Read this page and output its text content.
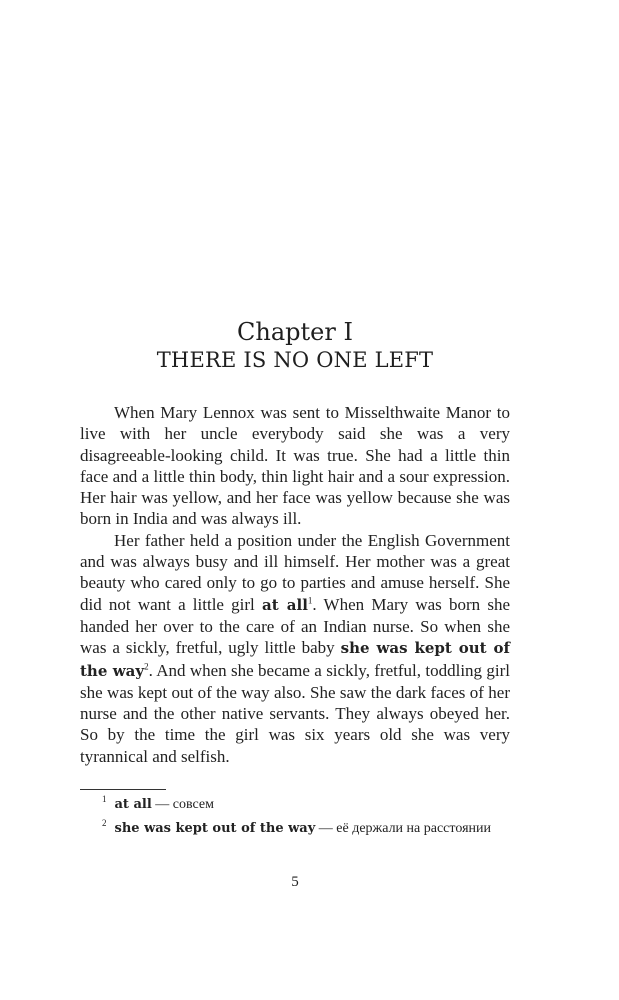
Chapter I
THERE IS NO ONE LEFT

When Mary Lennox was sent to Misselthwaite Manor to live with her uncle everybody said she was a very disagreeable-looking child. It was true. She had a little thin face and a little thin body, thin light hair and a sour expression. Her hair was yellow, and her face was yellow because she was born in India and was always ill.

Her father held a position under the English Government and was always busy and ill himself. Her mother was a great beauty who cared only to go to parties and amuse herself. She did not want a little girl at all$^1$. When Mary was born she handed her over to the care of an Indian nurse. So when she was a sickly, fretful, ugly little baby she was kept out of the way$^2$. And when she became a sickly, fretful, toddling girl she was kept out of the way also. She saw the dark faces of her nurse and the other native servants. They always obeyed her. So by the time the girl was six years old she was very tyrannical and selfish.

$^1$ at all — совсем
$^2$ she was kept out of the way — её держали на расстоянии
5
